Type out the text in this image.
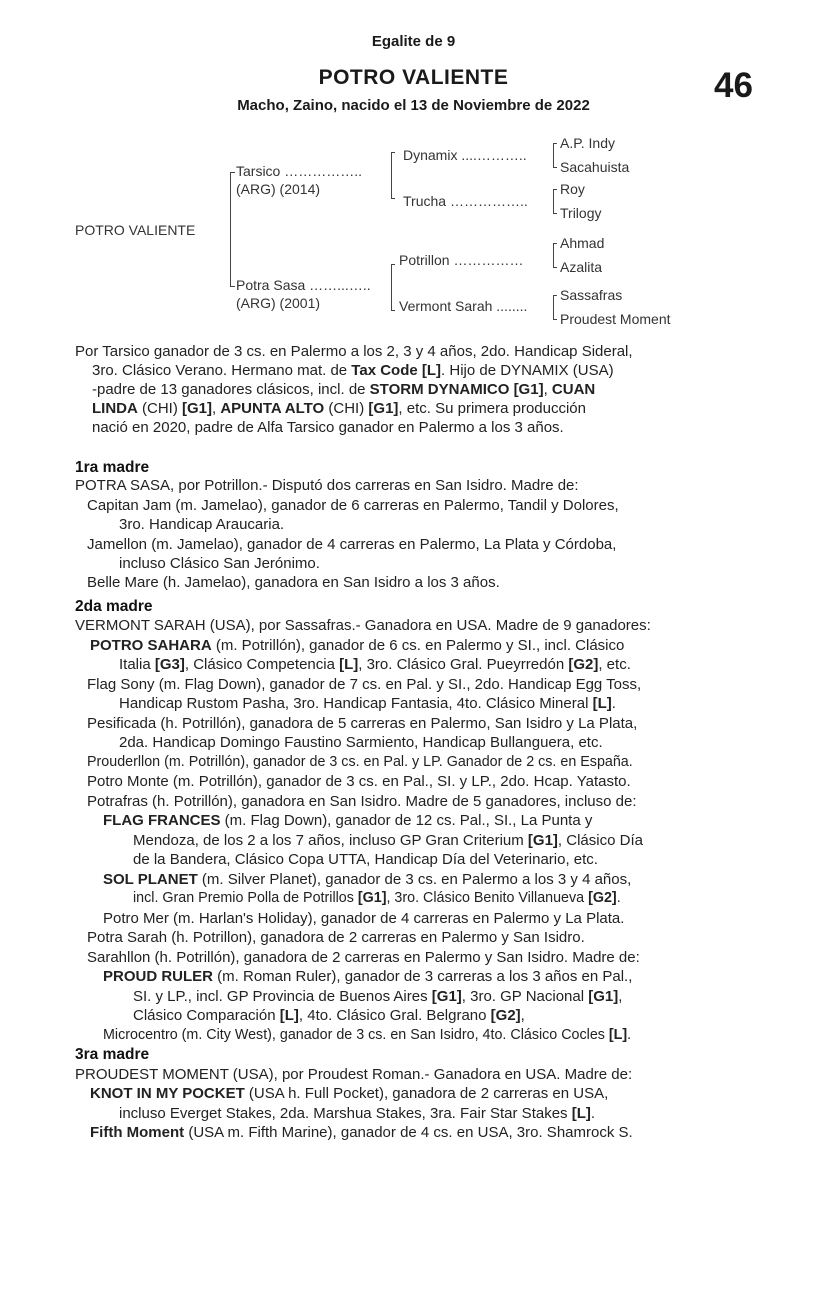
Egalite de 9
POTRO VALIENTE
Macho, Zaino, nacido el 13 de Noviembre de 2022
46
POTRO VALIENTE
Tarsico ……………..
(ARG) (2014)
Potra Sasa ……...…..
(ARG) (2001)
Dynamix ....………..
Trucha ……………..
Potrillon ……………
Vermont Sarah ........
A.P. Indy
Sacahuista
Roy
Trilogy
Ahmad
Azalita
Sassafras
Proudest Moment
Por Tarsico ganador de 3 cs. en Palermo a los 2, 3 y 4 años, 2do. Handicap Sideral,
3ro. Clásico Verano. Hermano mat. de Tax Code [L]. Hijo de DYNAMIX (USA)
-padre de 13 ganadores clásicos, incl. de STORM DYNAMICO [G1], CUAN
LINDA (CHI) [G1], APUNTA ALTO (CHI) [G1], etc. Su primera producción
nació en 2020, padre de Alfa Tarsico ganador en Palermo a los 3 años.
1ra madre
POTRA SASA, por Potrillon.- Disputó dos carreras en San Isidro. Madre de:
Capitan Jam (m. Jamelao), ganador de 6 carreras en Palermo, Tandil y Dolores,
3ro. Handicap Araucaria.
Jamellon (m. Jamelao), ganador de 4 carreras en Palermo, La Plata y Córdoba,
incluso Clásico San Jerónimo.
Belle Mare (h. Jamelao), ganadora en San Isidro a los 3 años.
2da madre
VERMONT SARAH (USA), por Sassafras.- Ganadora en USA. Madre de 9 ganadores:
POTRO SAHARA (m. Potrillón), ganador de 6 cs. en Palermo y SI., incl. Clásico
Italia [G3], Clásico Competencia [L], 3ro. Clásico Gral. Pueyrredón [G2], etc.
Flag Sony (m. Flag Down), ganador de 7 cs. en Pal. y SI., 2do. Handicap Egg Toss,
Handicap Rustom Pasha, 3ro. Handicap Fantasia, 4to. Clásico Mineral [L].
Pesificada (h. Potrillón), ganadora de 5 carreras en Palermo, San Isidro y La Plata,
2da. Handicap Domingo Faustino Sarmiento, Handicap Bullanguera, etc.
Prouderllon (m. Potrillón), ganador de 3 cs. en Pal. y LP. Ganador de 2 cs. en España.
Potro Monte (m. Potrillón), ganador de 3 cs. en Pal., SI. y LP., 2do. Hcap. Yatasto.
Potrafras (h. Potrillón), ganadora en San Isidro. Madre de 5 ganadores, incluso de:
FLAG FRANCES (m. Flag Down), ganador de 12 cs. Pal., SI., La Punta y
Mendoza, de los 2 a los 7 años, incluso GP Gran Criterium [G1], Clásico Día
de la Bandera, Clásico Copa UTTA, Handicap Día del Veterinario, etc.
SOL PLANET (m. Silver Planet), ganador de 3 cs. en Palermo a los 3 y 4 años,
incl. Gran Premio Polla de Potrillos [G1], 3ro. Clásico Benito Villanueva [G2].
Potro Mer (m. Harlan's Holiday), ganador de 4 carreras en Palermo y La Plata.
Potra Sarah (h. Potrillon), ganadora de 2 carreras en Palermo y San Isidro.
Sarahllon (h. Potrillón), ganadora de 2 carreras en Palermo y San Isidro. Madre de:
PROUD RULER (m. Roman Ruler), ganador de 3 carreras a los 3 años en Pal.,
SI. y LP., incl. GP Provincia de Buenos Aires [G1], 3ro. GP Nacional [G1],
Clásico Comparación [L], 4to. Clásico Gral. Belgrano [G2],
Microcentro (m. City West), ganador de 3 cs. en San Isidro, 4to. Clásico Cocles [L].
3ra madre
PROUDEST MOMENT (USA), por Proudest Roman.- Ganadora en USA. Madre de:
KNOT IN MY POCKET (USA h. Full Pocket), ganadora de 2 carreras en USA,
incluso Everget Stakes, 2da. Marshua Stakes, 3ra. Fair Star Stakes [L].
Fifth Moment (USA m. Fifth Marine), ganador de 4 cs. en USA, 3ro. Shamrock S.
